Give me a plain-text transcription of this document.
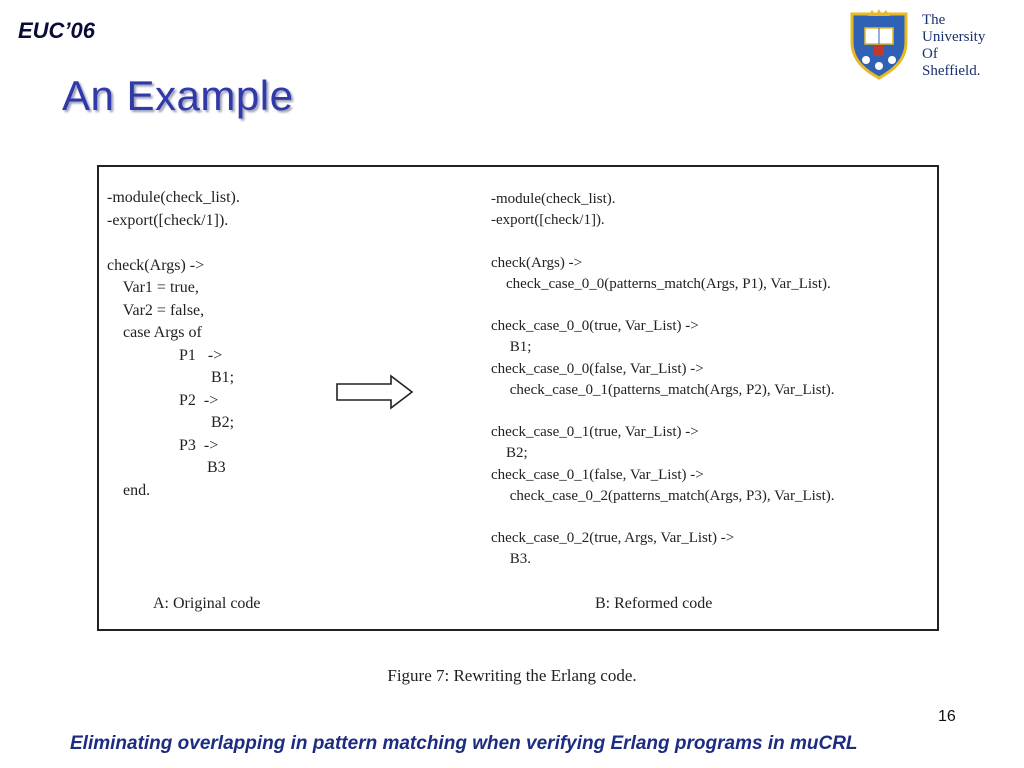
EUC’06
An Example
The
University
Of
Sheffield.
-module(check_list).
-export([check/1]).

check(Args) ->
Var1 = true,
Var2 = false,
case Args of
P1   ->
B1;
P2  ->
B2;
P3  ->
B3
end.
-module(check_list).
-export([check/1]).

check(Args) ->
check_case_0_0(patterns_match(Args, P1), Var_List).

check_case_0_0(true, Var_List) ->
B1;
check_case_0_0(false, Var_List) ->
check_case_0_1(patterns_match(Args, P2), Var_List).

check_case_0_1(true, Var_List) ->
B2;
check_case_0_1(false, Var_List) ->
check_case_0_2(patterns_match(Args, P3), Var_List).

check_case_0_2(true, Args, Var_List) ->
B3.
A: Original code	B: Reformed code
Figure 7: Rewriting the Erlang code.
16
Eliminating overlapping in pattern matching when verifying Erlang programs in muCRL
